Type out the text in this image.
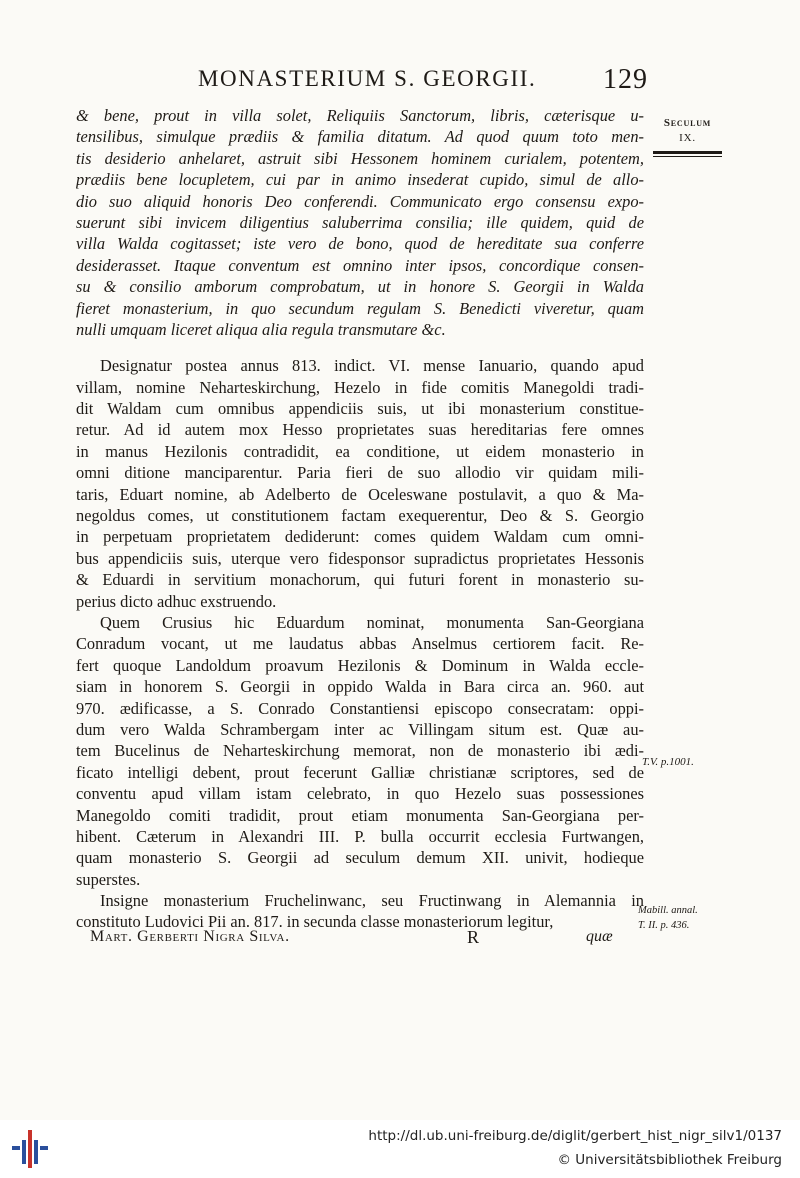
MONASTERIUM S. GEORGII. 129
Seculum
IX.
& bene, prout in villa solet, Reliquiis Sanctorum, libris, cæterisque u-
tensilibus, simulque prædiis & familia ditatum. Ad quod quum toto men-
tis desiderio anhelaret, astruit sibi Hessonem hominem curialem, potentem,
prædiis bene locupletem, cui par in animo insederat cupido, simul de allo-
dio suo aliquid honoris Deo conferendi. Communicato ergo consensu expo-
suerunt sibi invicem diligentius saluberrima consilia; ille quidem, quid de
villa Walda cogitasset; iste vero de bono, quod de hereditate sua conferre
desiderasset. Itaque conventum est omnino inter ipsos, concordique consen-
su & consilio amborum comprobatum, ut in honore S. Georgii in Walda
fieret monasterium, in quo secundum regulam S. Benedicti viveretur, quam
nulli umquam liceret aliqua alia regula transmutare &c.
Designatur postea annus 813. indict. VI. mense Ianuario, quando apud
villam, nomine Neharteskirchung, Hezelo in fide comitis Manegoldi tradi-
dit Waldam cum omnibus appendiciis suis, ut ibi monasterium constitue-
retur. Ad id autem mox Hesso proprietates suas hereditarias fere omnes
in manus Hezilonis contradidit, ea conditione, ut eidem monasterio in
omni ditione manciparentur. Paria fieri de suo allodio vir quidam mili-
taris, Eduart nomine, ab Adelberto de Oceleswane postulavit, a quo & Ma-
negoldus comes, ut constitutionem factam exequerentur, Deo & S. Georgio
in perpetuam proprietatem dediderunt: comes quidem Waldam cum omni-
bus appendiciis suis, uterque vero fidesponsor supradictus proprietates Hessonis
& Eduardi in servitium monachorum, qui futuri forent in monasterio su-
perius dicto adhuc exstruendo.
Quem Crusius hic Eduardum nominat, monumenta San-Georgiana
Conradum vocant, ut me laudatus abbas Anselmus certiorem facit. Re-
fert quoque Landoldum proavum Hezilonis & Dominum in Walda eccle-
siam in honorem S. Georgii in oppido Walda in Bara circa an. 960. aut
970. ædificasse, a S. Conrado Constantiensi episcopo consecratam: oppi-
dum vero Walda Schrambergam inter ac Villingam situm est. Quæ au-
tem Bucelinus de Neharteskirchung memorat, non de monasterio ibi ædi-
ficato intelligi debent, prout fecerunt Galliæ christianæ scriptores, sed de
conventu apud villam istam celebrato, in quo Hezelo suas possessiones
Manegoldo comiti tradidit, prout etiam monumenta San-Georgiana per-
hibent. Cæterum in Alexandri III. P. bulla occurrit ecclesia Furtwangen,
quam monasterio S. Georgii ad seculum demum XII. univit, hodieque
superstes.
Insigne monasterium Fruchelinwanc, seu Fructinwang in Alemannia in
constituto Ludovici Pii an. 817. in secunda classe monasteriorum legitur,
T.V. p.1001.
Mabill. annal.
T. II. p. 436.
Mart. Gerberti Nigra Silva.	R	quæ
http://dl.ub.uni-freiburg.de/diglit/gerbert_hist_nigr_silv1/0137
© Universitätsbibliothek Freiburg
